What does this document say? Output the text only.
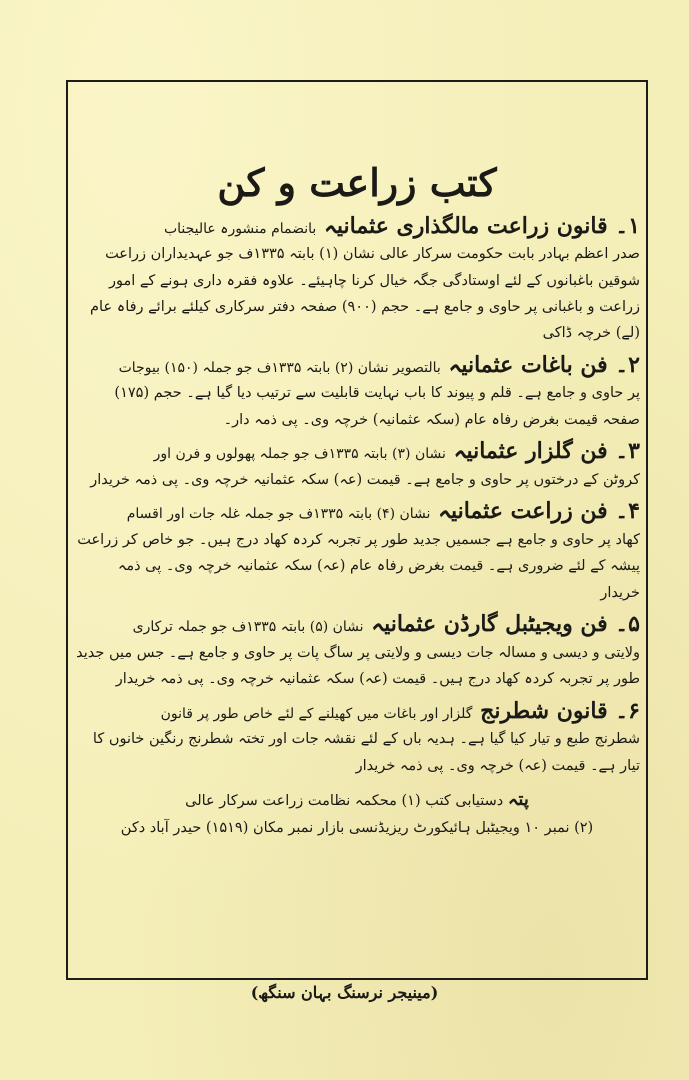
کتب زراعت و کن
۱۔ قانون زراعت مالگذاری عثمانیہ بانضمام منشورہ عالیجناب
صدر اعظم بہادر بابت حکومت سرکار عالی نشان (۱) بابتہ ۱۳۳۵ف جو عہدیداران زراعت شوقین باغبانوں کے لئے اوستادگی جگہ خیال کرنا چاہیئے۔ علاوہ فقرہ داری ہونے کے امور زراعت و باغبانی پر حاوی و جامع ہے۔ حجم (۹۰۰) صفحہ دفتر سرکاری کیلئے برائے رفاہ عام (لے) خرچہ ڈاکی
۲۔ فن باغات عثمانیہ بالتصویر نشان (۲) بابتہ ۱۳۳۵ف جو جملہ (۱۵۰) بیوجات
پر حاوی و جامع ہے۔ قلم و پیوند کا باب نہایت قابلیت سے ترتیب دیا گیا ہے۔ حجم (۱۷۵) صفحہ قیمت بغرض رفاہ عام (سکہ عثمانیہ) خرچہ وی۔ پی ذمہ دار۔
۳۔ فن گلزار عثمانیہ نشان (۳) بابتہ ۱۳۳۵ف جو جملہ پھولوں و فرن اور
کروٹن کے درختوں پر حاوی و جامع ہے۔ قیمت (عہ) سکہ عثمانیہ خرچہ وی۔ پی ذمہ خریدار
۴۔ فن زراعت عثمانیہ نشان (۴) بابتہ ۱۳۳۵ف جو جملہ غلہ جات اور اقسام
کھاد پر حاوی و جامع ہے جسمیں جدید طور پر تجربہ کردہ کھاد درج ہیں۔ جو خاص کر زراعت پیشہ کے لئے ضروری ہے۔ قیمت بغرض رفاہ عام (عہ) سکہ عثمانیہ خرچہ وی۔ پی ذمہ خریدار
۵۔ فن ویجیٹبل گارڈن عثمانیہ نشان (۵) بابتہ ۱۳۳۵ف جو جملہ ترکاری
ولایتی و دیسی و مسالہ جات دیسی و ولایتی پر ساگ پات پر حاوی و جامع ہے۔ جس میں جدید طور پر تجربہ کردہ کھاد درج ہیں۔ قیمت (عہ) سکہ عثمانیہ خرچہ وی۔ پی ذمہ خریدار
۶۔ قانون شطرنج گلزار اور باغات میں کھیلنے کے لئے خاص طور پر قانون
شطرنج طبع و تیار کیا گیا ہے۔ ہدیہ باں کے لئے نقشہ جات اور تختہ شطرنج رنگین خانوں کا تیار ہے۔ قیمت (عہ) خرچہ وی۔ پی ذمہ خریدار
پتہ دستیابی کتب (۱) محکمہ نظامت زراعت سرکار عالی
(۲) نمبر ۱۰ ویجیٹبل ہائیکورٹ ریزیڈنسی بازار نمبر مکان (۱۵۱۹) حیدر آباد دکن
(مینیجر نرسنگ بہان سنگھ)
